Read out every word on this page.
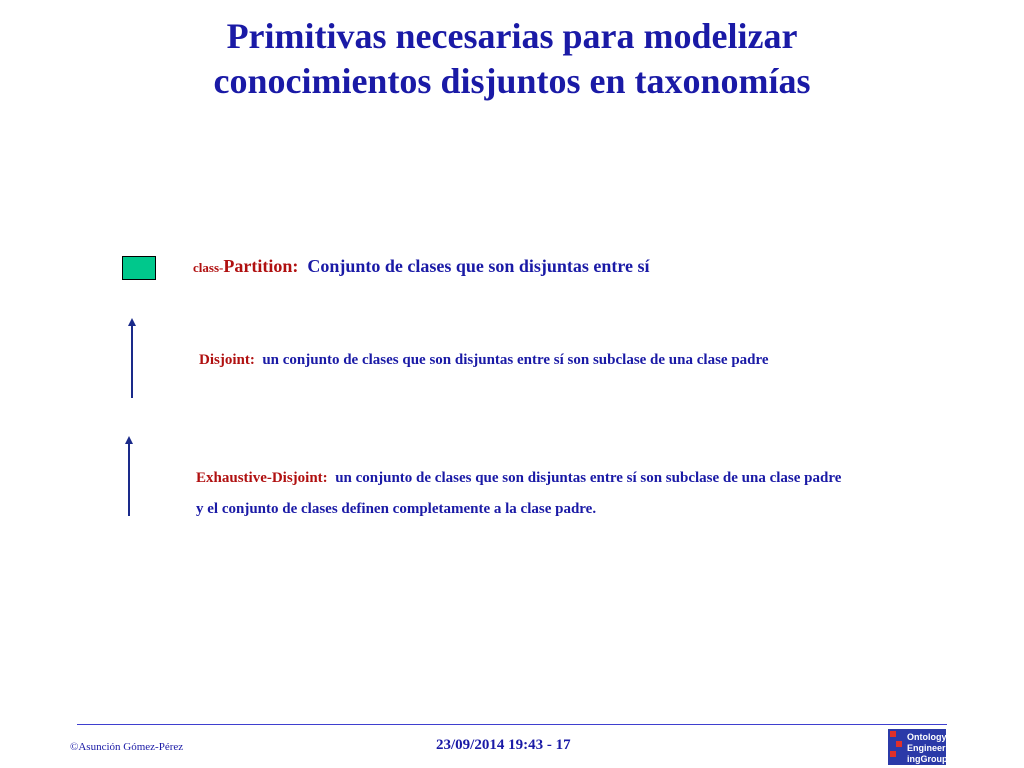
Primitivas necesarias para modelizar
conocimientos disjuntos en taxonomías
class-Partition: Conjunto de clases que son disjuntas entre sí
Disjoint: un conjunto de clases que son disjuntas entre sí son subclase de una clase padre
Exhaustive-Disjoint: un conjunto de clases que son disjuntas entre sí son subclase de una clase padre
y el conjunto de clases definen completamente a la clase padre.
©Asunción Gómez-Pérez	23/09/2014 19:43 - 17	Ontology
Engineer
ingGroup
